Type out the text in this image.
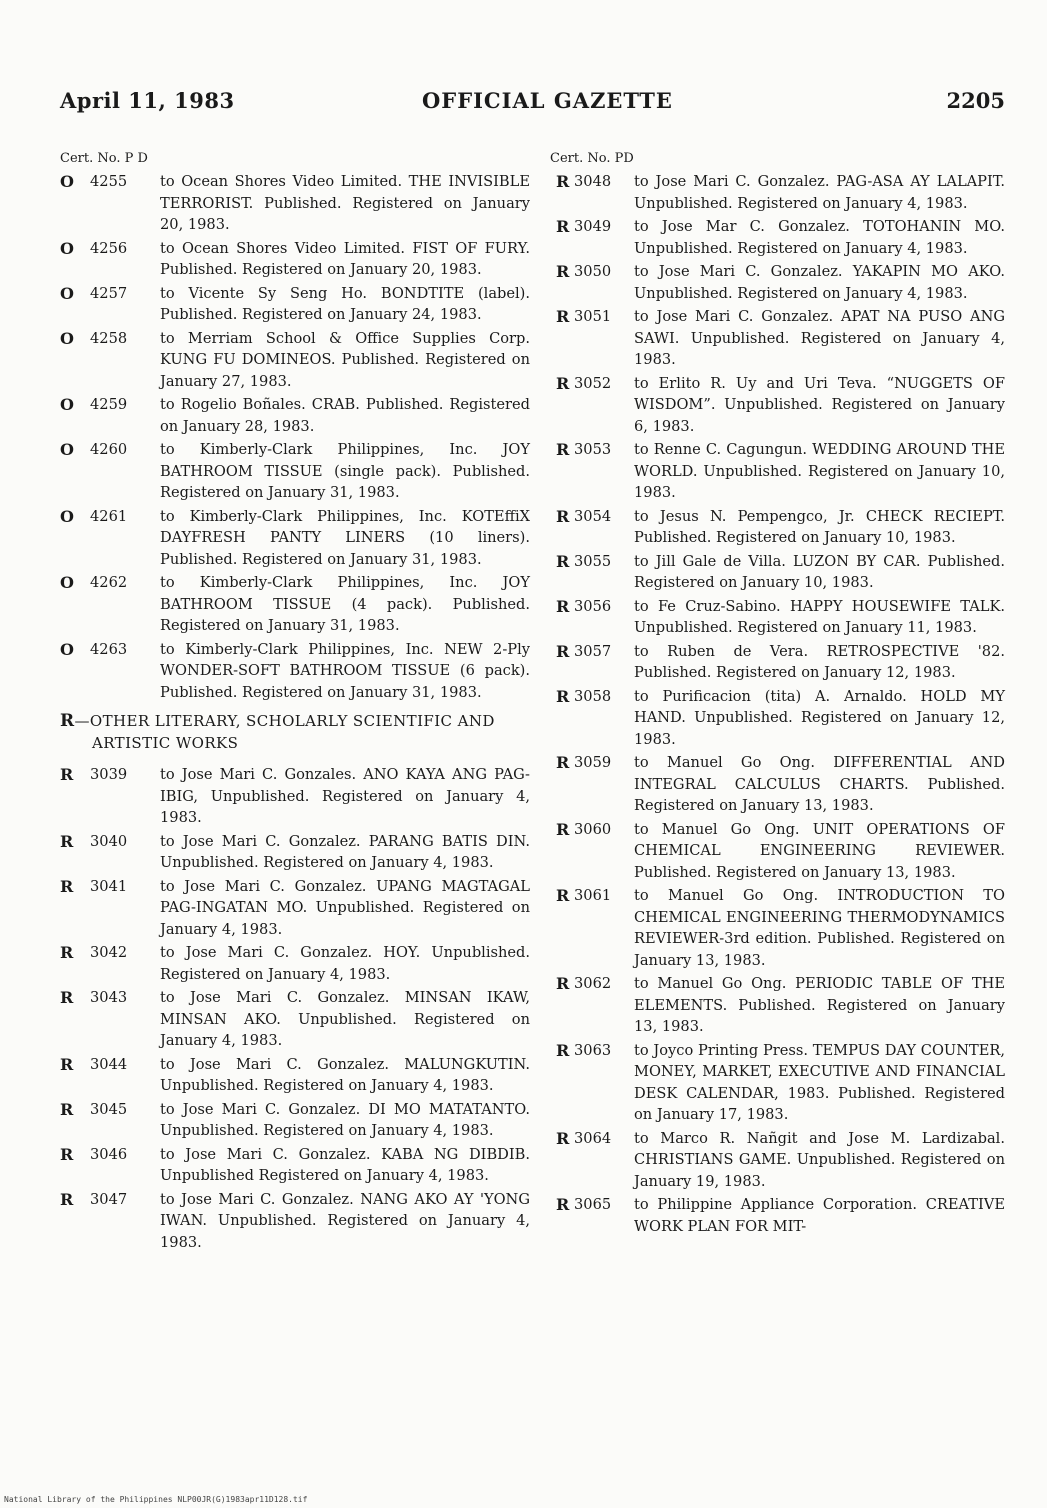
April 11, 1983	OFFICIAL GAZETTE	2205
Cert. No. P D
O	4255	to Ocean Shores Video Limited. THE INVISIBLE TERRORIST. Published. Registered on January 20, 1983.
O	4256	to Ocean Shores Video Limited. FIST OF FURY. Published. Registered on January 20, 1983.
O	4257	to Vicente Sy Seng Ho. BONDTITE (label). Published. Registered on January 24, 1983.
O	4258	to Merriam School & Office Supplies Corp. KUNG FU DOMINEOS. Published. Registered on January 27, 1983.
O	4259	to Rogelio Boñales. CRAB. Published. Registered on January 28, 1983.
O	4260	to Kimberly-Clark Philippines, Inc. JOY BATHROOM TISSUE (single pack). Published. Registered on January 31, 1983.
O	4261	to Kimberly-Clark Philippines, Inc. KOTEffiX DAYFRESH PANTY LINERS (10 liners). Published. Registered on January 31, 1983.
O	4262	to Kimberly-Clark Philippines, Inc. JOY BATHROOM TISSUE (4 pack). Published. Registered on January 31, 1983.
O	4263	to Kimberly-Clark Philippines, Inc. NEW 2-Ply WONDER-SOFT BATHROOM TISSUE (6 pack). Published. Registered on January 31, 1983.
R—OTHER LITERARY, SCHOLARLY SCIENTIFIC AND ARTISTIC WORKS
R	3039	to Jose Mari C. Gonzales. ANO KAYA ANG PAG-IBIG, Unpublished. Registered on January 4, 1983.
R	3040	to Jose Mari C. Gonzalez. PARANG BATIS DIN. Unpublished. Registered on January 4, 1983.
R	3041	to Jose Mari C. Gonzalez. UPANG MAGTAGAL PAG-INGATAN MO. Unpublished. Registered on January 4, 1983.
R	3042	to Jose Mari C. Gonzalez. HOY. Unpublished. Registered on January 4, 1983.
R	3043	to Jose Mari C. Gonzalez. MINSAN IKAW, MINSAN AKO. Unpublished. Registered on January 4, 1983.
R	3044	to Jose Mari C. Gonzalez. MALUNGKUTIN. Unpublished. Registered on January 4, 1983.
R	3045	to Jose Mari C. Gonzalez. DI MO MATATANTO. Unpublished. Registered on January 4, 1983.
R	3046	to Jose Mari C. Gonzalez. KABA NG DIBDIB. Unpublished Registered on January 4, 1983.
R	3047	to Jose Mari C. Gonzalez. NANG AKO AY 'YONG IWAN. Unpublished. Registered on January 4, 1983.
Cert. No. PD
R 3048	to Jose Mari C. Gonzalez. PAG-ASA AY LALAPIT. Unpublished. Registered on January 4, 1983.
R 3049	to Jose Mar C. Gonzalez. TOTOHANIN MO. Unpublished. Registered on January 4, 1983.
R 3050	to Jose Mari C. Gonzalez. YAKAPIN MO AKO. Unpublished. Registered on January 4, 1983.
R 3051	to Jose Mari C. Gonzalez. APAT NA PUSO ANG SAWI. Unpublished. Registered on January 4, 1983.
R 3052	to Erlito R. Uy and Uri Teva. “NUGGETS OF WISDOM”. Unpublished. Registered on January 6, 1983.
R 3053	to Renne C. Cagungun. WEDDING AROUND THE WORLD. Unpublished. Registered on January 10, 1983.
R 3054	to Jesus N. Pempengco, Jr. CHECK RECIEPT. Published. Registered on January 10, 1983.
R 3055	to Jill Gale de Villa. LUZON BY CAR. Published. Registered on January 10, 1983.
R 3056	to Fe Cruz-Sabino. HAPPY HOUSEWIFE TALK. Unpublished. Registered on January 11, 1983.
R 3057	to Ruben de Vera. RETROSPECTIVE '82. Published. Registered on January 12, 1983.
R 3058	to Purificacion (tita) A. Arnaldo. HOLD MY HAND. Unpublished. Registered on January 12, 1983.
R 3059	to Manuel Go Ong. DIFFERENTIAL AND INTEGRAL CALCULUS CHARTS. Published. Registered on January 13, 1983.
R 3060	to Manuel Go Ong. UNIT OPERATIONS OF CHEMICAL ENGINEERING REVIEWER. Published. Registered on January 13, 1983.
R 3061	to Manuel Go Ong. INTRODUCTION TO CHEMICAL ENGINEERING THERMODYNAMICS REVIEWER-3rd edition. Published. Registered on January 13, 1983.
R 3062	to Manuel Go Ong. PERIODIC TABLE OF THE ELEMENTS. Published. Registered on January 13, 1983.
R 3063	to Joyco Printing Press. TEMPUS DAY COUNTER, MONEY, MARKET, EXECUTIVE AND FINANCIAL DESK CALENDAR, 1983. Published. Registered on January 17, 1983.
R 3064	to Marco R. Nañgit and Jose M. Lardizabal. CHRISTIANS GAME. Unpublished. Registered on January 19, 1983.
R 3065	to Philippine Appliance Corporation. CREATIVE WORK PLAN FOR MIT-
National Library of the Philippines NLP00JR(G)1983apr11D128.tif
